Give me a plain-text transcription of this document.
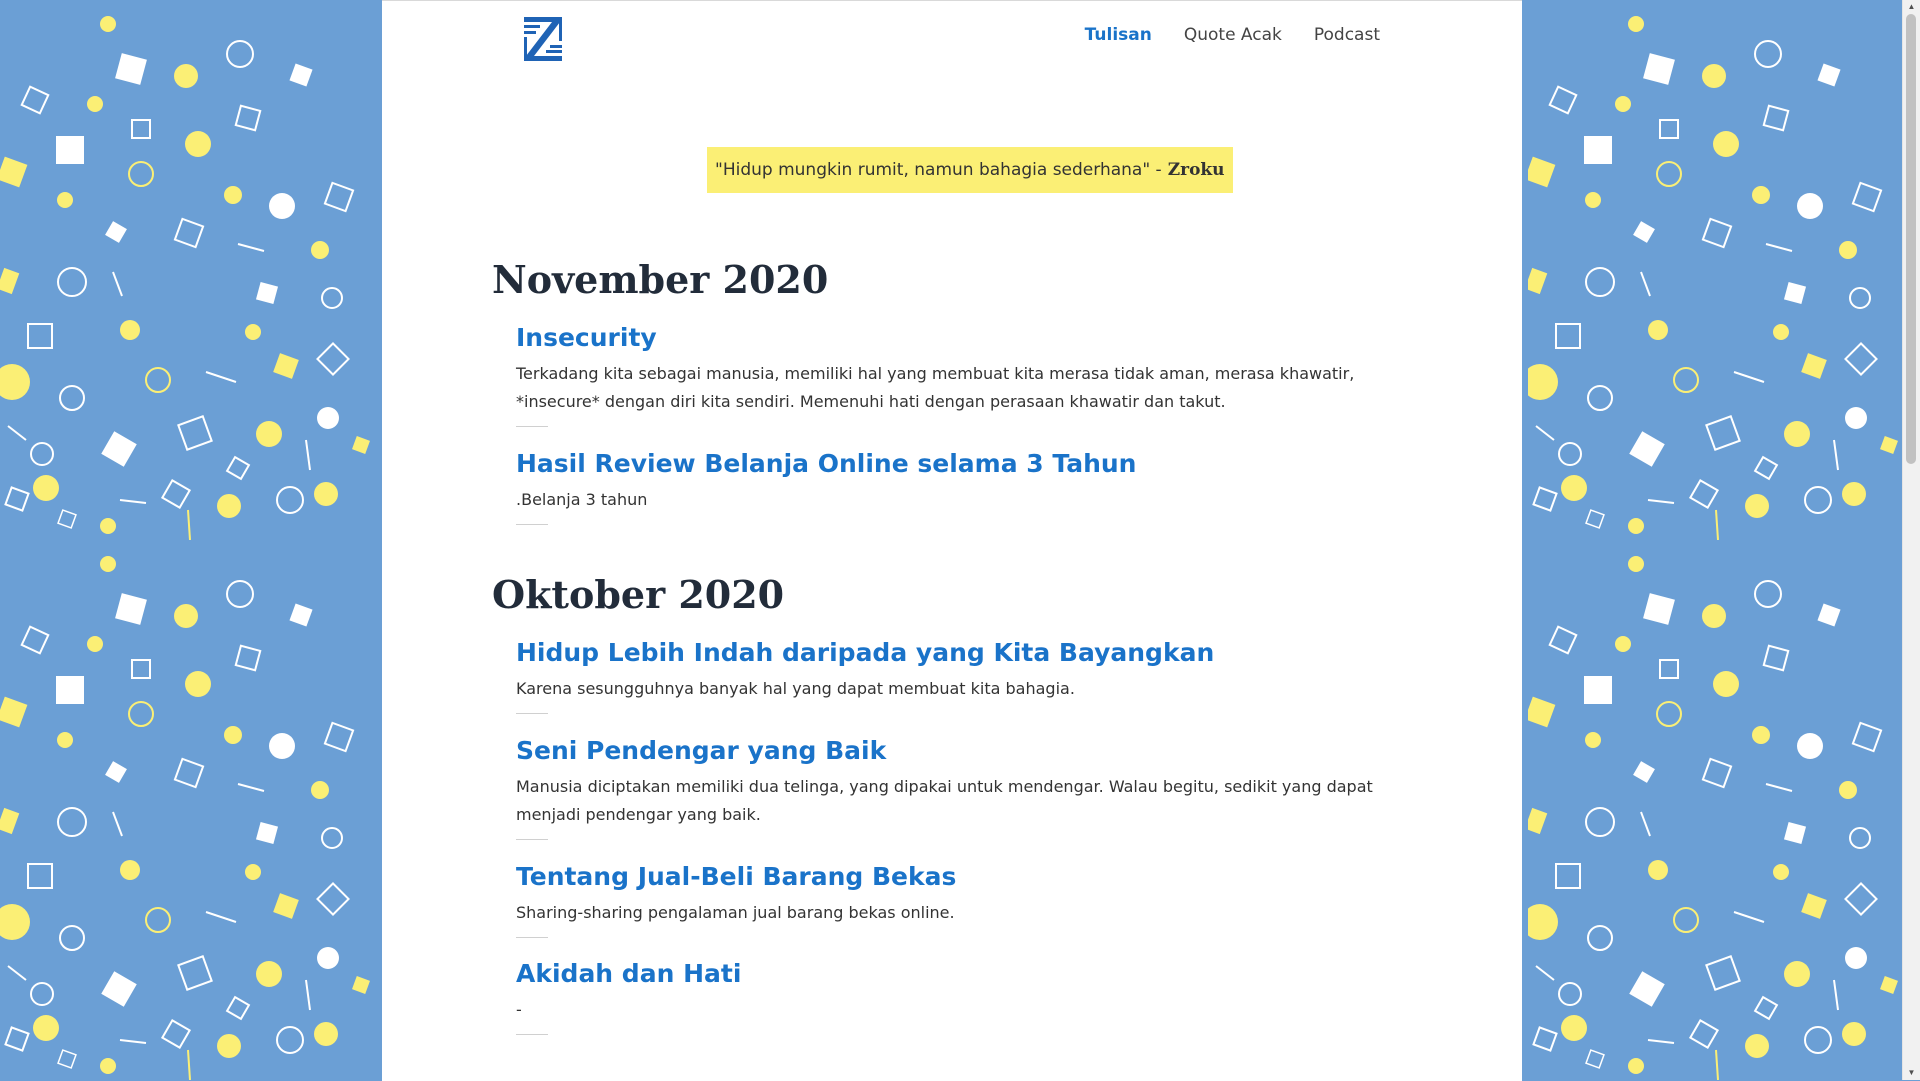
Tulisan Quote Acak Podcast
"Hidup mungkin rumit, namun bahagia sederhana" - Zroku
November 2020
Insecurity
Terkadang kita sebagai manusia, memiliki hal yang membuat kita merasa tidak aman, merasa khawatir, *insecure* dengan diri kita sendiri. Memenuhi hati dengan perasaan khawatir dan takut.
Hasil Review Belanja Online selama 3 Tahun
.Belanja 3 tahun
Oktober 2020
Hidup Lebih Indah daripada yang Kita Bayangkan
Karena sesungguhnya banyak hal yang dapat membuat kita bahagia.
Seni Pendengar yang Baik
Manusia diciptakan memiliki dua telinga, yang dipakai untuk mendengar. Walau begitu, sedikit yang dapat menjadi pendengar yang baik.
Tentang Jual-Beli Barang Bekas
Sharing-sharing pengalaman jual barang bekas online.
Akidah dan Hati
-
▲
▼
